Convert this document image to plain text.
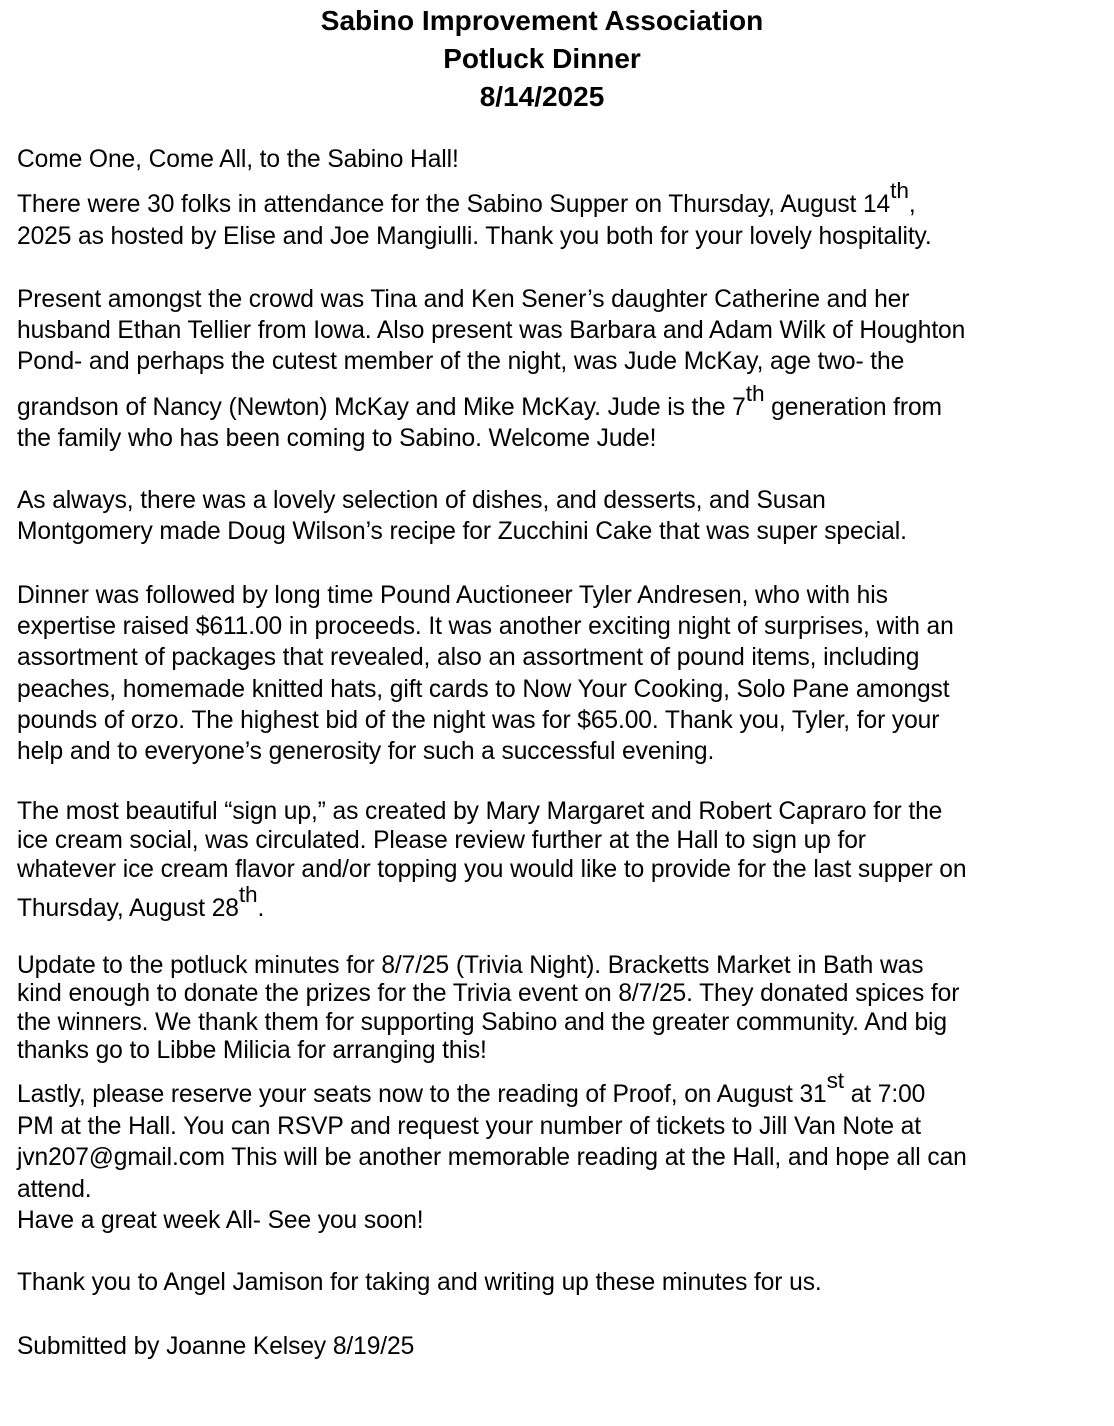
Sabino Improvement Association
Potluck Dinner
8/14/2025
Come One, Come All, to the Sabino Hall!
There were 30 folks in attendance for the Sabino Supper on Thursday, August 14th,
2025 as hosted by Elise and Joe Mangiulli. Thank you both for your lovely hospitality.
Present amongst the crowd was Tina and Ken Sener’s daughter Catherine and her
husband Ethan Tellier from Iowa. Also present was Barbara and Adam Wilk of Houghton
Pond- and perhaps the cutest member of the night, was Jude McKay, age two- the
grandson of Nancy (Newton) McKay and Mike McKay. Jude is the 7th generation from
the family who has been coming to Sabino. Welcome Jude!
As always, there was a lovely selection of dishes, and desserts, and Susan
Montgomery made Doug Wilson’s recipe for Zucchini Cake that was super special.
Dinner was followed by long time Pound Auctioneer Tyler Andresen, who with his
expertise raised $611.00 in proceeds. It was another exciting night of surprises, with an
assortment of packages that revealed, also an assortment of pound items, including
peaches, homemade knitted hats, gift cards to Now Your Cooking, Solo Pane amongst
pounds of orzo. The highest bid of the night was for $65.00. Thank you, Tyler, for your
help and to everyone’s generosity for such a successful evening.
The most beautiful “sign up,” as created by Mary Margaret and Robert Capraro for the
ice cream social, was circulated. Please review further at the Hall to sign up for
whatever ice cream flavor and/or topping you would like to provide for the last supper on
Thursday, August 28th.
Update to the potluck minutes for 8/7/25 (Trivia Night). Bracketts Market in Bath was
kind enough to donate the prizes for the Trivia event on 8/7/25. They donated spices for
the winners. We thank them for supporting Sabino and the greater community. And big
thanks go to Libbe Milicia for arranging this!
Lastly, please reserve your seats now to the reading of Proof, on August 31st at 7:00
PM at the Hall. You can RSVP and request your number of tickets to Jill Van Note at
jvn207@gmail.com This will be another memorable reading at the Hall, and hope all can
attend.
Have a great week All- See you soon!
Thank you to Angel Jamison for taking and writing up these minutes for us.
Submitted by Joanne Kelsey 8/19/25
